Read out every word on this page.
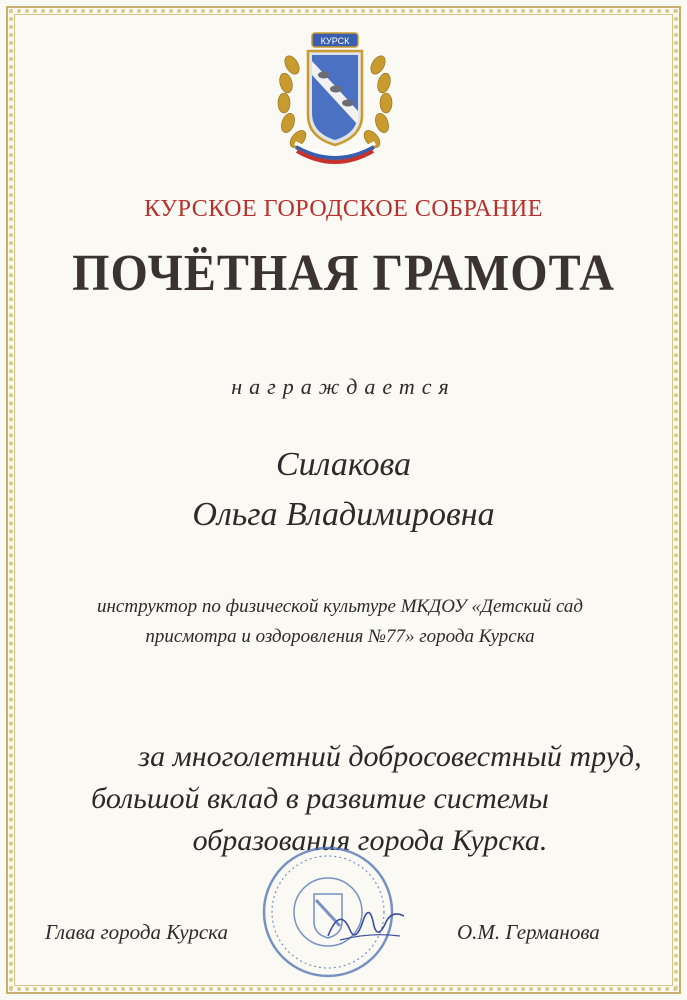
КУРСК
КУРСКОЕ ГОРОДСКОЕ СОБРАНИЕ
ПОЧЁТНАЯ ГРАМОТА
награждается
Силакова
Ольга Владимировна
инструктор по физической культуре МКДОУ «Детский сад
присмотра и оздоровления №77» города Курска
за многолетний добросовестный труд,
большой вклад в развитие системы
образования города Курска.
Глава города Курска	О.М. Германова
